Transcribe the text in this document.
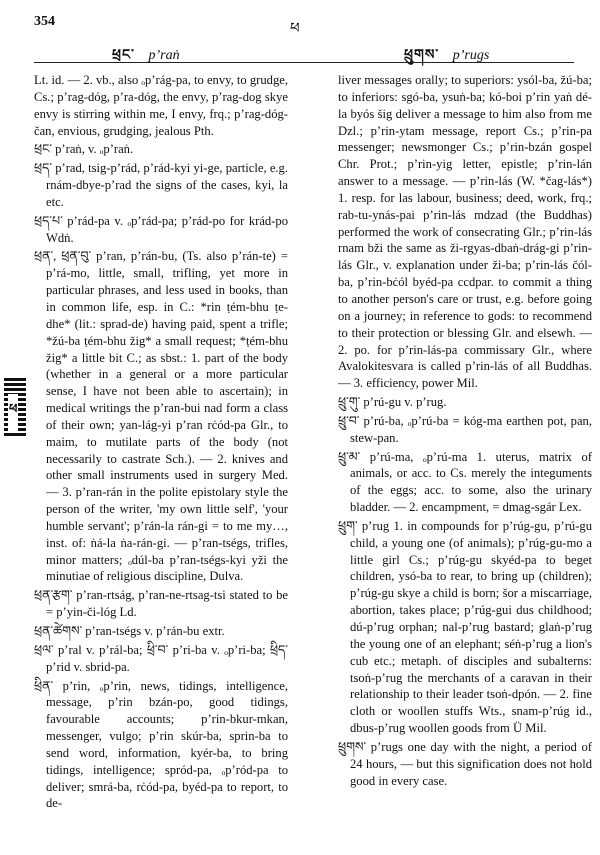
354	ཕ
ཕྲང་ pʼraṅ	ཕྲུགས་ pʼrugs
ཕ

Lt. id. — 2. vb., also ₒpʼrág-pa, to envy, to grudge, Cs.; pʼrag-dóg, pʼra-dóg, the envy, pʼrag-dog skye envy is stirring within me, I envy, frq.; pʼrag-dóg-čan, envious, grudging, jealous Pth.

ཕྲང་ pʼraṅ, v. ₒpʼraṅ.

ཕྲད་ pʼrad, tsig-pʼrád, pʼrád-kyi yi-ge, particle, e.g. rnám-dbye-pʼrad the signs of the cases, kyi, la etc.

ཕྲད་པ་ pʼrád-pa v. ₒpʼrád-pa; pʼrád-po for krád-po Wdṅ.

ཕྲན་, ཕྲན་བུ་ pʼran, pʼrán-bu, (Ts. also pʼrán-te) = pʼrá-mo, little, small, trifling, yet more in particular phrases, and less used in books, than in common life, esp. in C.: *rin ṭém-bhu ṭe-dhe* (lit.: sprad-de) having paid, spent a trifle; *žú-ba ṭém-bhu žig* a small request; *ṭém-bhu žig* a little bit C.; as sbst.: 1. part of the body (whether in a general or a more particular sense, I have not been able to ascertain); in medical writings the pʼran-bui nad form a class of their own; yan-lág-yi pʼran rċód-pa Glr., to maim, to mutilate parts of the body (not necessarily to castrate Sch.). — 2. knives and other small instruments used in surgery Med. — 3. pʼran-rán in the polite epistolary style the person of the writer, 'my own little self', 'your humble servant'; pʼrán-la rán-gi = to me my…, inst. of: ṅá-la ṅa-rán-gi. — pʼran-tségs, trifles, minor matters; ₒdúl-ba pʼran-tségs-kyi yži the minutiae of religious discipline, Dulva.

ཕྲན་རྩག་ pʼran-rtság, pʼran-ne-rtsag-tsi stated to be = pʼyin-či-lóg Ld.

ཕྲན་ཚེགས་ pʼran-tségs v. pʼrán-bu extr.

ཕྲལ་ pʼral v. pʼrál-ba; ཕྲི་བ་ pʼri-ba v. ₒpʼri-ba; ཕྲིད་ pʼrid v. sbrid-pa.

ཕྲིན་ pʼrin, ₒpʼrin, news, tidings, intelligence, message, pʼrin bzán-po, good tidings, favourable accounts; pʼrin-bkur-mkan, messenger, vulgo; pʼrin skúr-ba, sprin-ba to send word, information, kyér-ba, to bring tidings, intelligence; spród-pa, ₒpʼród-pa to deliver; smrá-ba, rċód-pa, byéd-pa to report, to de-

liver messages orally; to superiors: ysól-ba, žú-ba; to inferiors: sgó-ba, ysuṅ-ba; kó-boi pʼrin yaṅ dé-la byós šig deliver a message to him also from me Dzl.; pʼrin-ytam message, report Cs.; pʼrin-pa messenger; newsmonger Cs.; pʼrin-bzán gospel Chr. Prot.; pʼrin-yig letter, epistle; pʼrin-lán answer to a message. — pʼrin-lás (W. *čag-lás*) 1. resp. for las labour, business; deed, work, frq.; rab-tu-ynás-pai pʼrin-lás mdzad (the Buddhas) performed the work of consecrating Glr.; pʼrin-lás rnam bži the same as ži-rgyas-dbaṅ-drág-gi pʼrin-lás Glr., v. explanation under ži-ba; pʼrin-lás čól-ba, pʼrin-bċól byéd-pa ccdpar. to commit a thing to another person's care or trust, e.g. before going on a journey; in reference to gods: to recommend to their protection or blessing Glr. and elsewh. — 2. po. for pʼrin-lás-pa commissary Glr., where Avalokitesvara is called pʼrin-lás of all Buddhas. — 3. efficiency, power Mil.

ཕྲུ་གུ་ pʼrú-gu v. pʼrug.

ཕྲུ་བ་ pʼrú-ba, ₒpʼrú-ba = kóg-ma earthen pot, pan, stew-pan.

ཕྲུ་མ་ pʼrú-ma, ₒpʼrú-ma 1. uterus, matrix of animals, or acc. to Cs. merely the integuments of the eggs; acc. to some, also the urinary bladder. — 2. encampment, = dmag-sgár Lex.

ཕྲུག་ pʼrug 1. in compounds for pʼrúg-gu, pʼrú-gu child, a young one (of animals); pʼrúg-gu-mo a little girl Cs.; pʼrúg-gu skyéd-pa to beget children, ysó-ba to rear, to bring up (children); pʼrúg-gu skye a child is born; šor a miscarriage, abortion, takes place; pʼrúg-gui dus childhood; dú-pʼrug orphan; nal-pʼrug bastard; glaṅ-pʼrug the young one of an elephant; séṅ-pʼrug a lion's cub etc.; metaph. of disciples and subalterns: tsoṅ-pʼrug the merchants of a caravan in their relationship to their leader tsoṅ-dpón. — 2. fine cloth or woollen stuffs Wts., snam-pʼrúg id., dbus-pʼrug woollen goods from Ü Mil.

ཕྲུགས་ pʼrugs one day with the night, a period of 24 hours, — but this signification does not hold good in every case.
